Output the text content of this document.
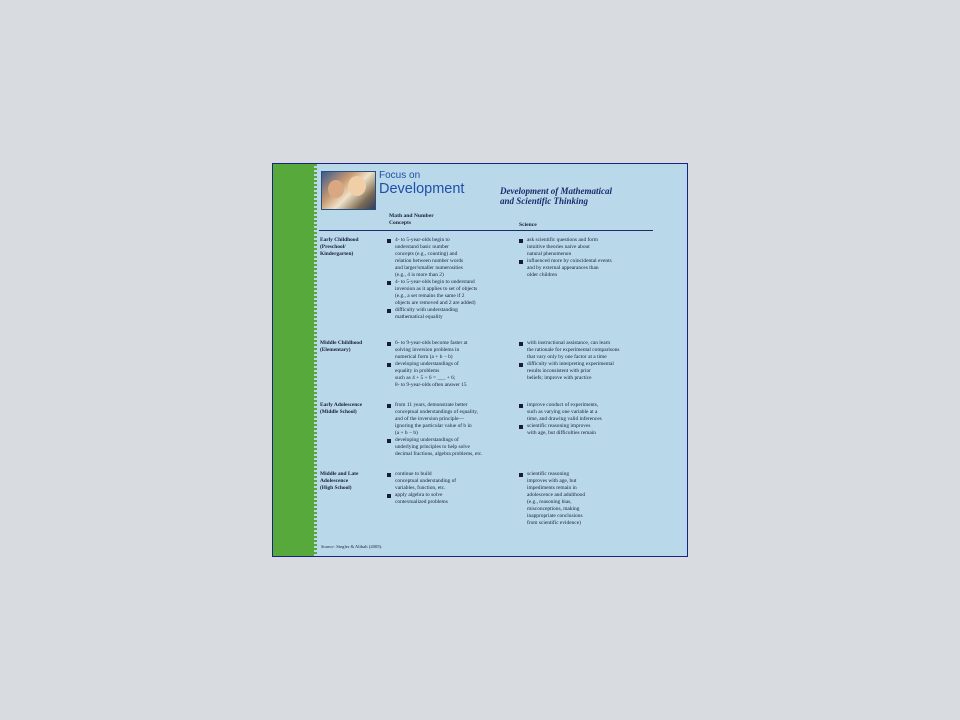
Focus on
Development	Development of Mathematical
and Scientific Thinking
Math and Number
Concepts	Science
Early Childhood
(Preschool/
Kindergarten)
4- to 5-year-olds begin to
understand basic number
concepts (e.g., counting) and
relation between number words
and larger/smaller numerosities
(e.g., 4 is more than 2)
4- to 5-year-olds begin to understand
inversion as it applies to set of objects
(e.g., a set remains the same if 2
objects are removed and 2 are added)
difficulty with understanding
mathematical equality
ask scientific questions and form
intuitive theories naive about
natural phenomenon
influenced more by coincidental events
and by external appearances than
older children
Middle Childhood
(Elementary)
6- to 9-year-olds become faster at
solving inversion problems in
numerical form (a + b − b)
developing understandings of
equality in problems
such as 4 + 5 + 6 = ___ + 6;
8- to 9-year-olds often answer 15
with instructional assistance, can learn
the rationale for experimental comparisons
that vary only by one factor at a time
difficulty with interpreting experimental
results inconsistent with prior
beliefs; improve with practice
Early Adolescence
(Middle School)
from 11 years, demonstrate better
conceptual understandings of equality,
and of the inversion principle—
ignoring the particular value of b in
(a + b − b)
developing understandings of
underlying principles to help solve
decimal fractions, algebra problems, etc.
improve conduct of experiments,
such as varying one variable at a
time, and drawing valid inferences
scientific reasoning improves
with age, but difficulties remain
Middle and Late
Adolescence
(High School)
continue to build
conceptual understanding of
variables, function, etc.
apply algebra to solve
contextualized problems
scientific reasoning
improves with age, but
impediments remain in
adolescence and adulthood
(e.g., reasoning bias,
misconceptions, making
inappropriate conclusions
from scientific evidence)
Source: Siegler & Alibali (2005).
